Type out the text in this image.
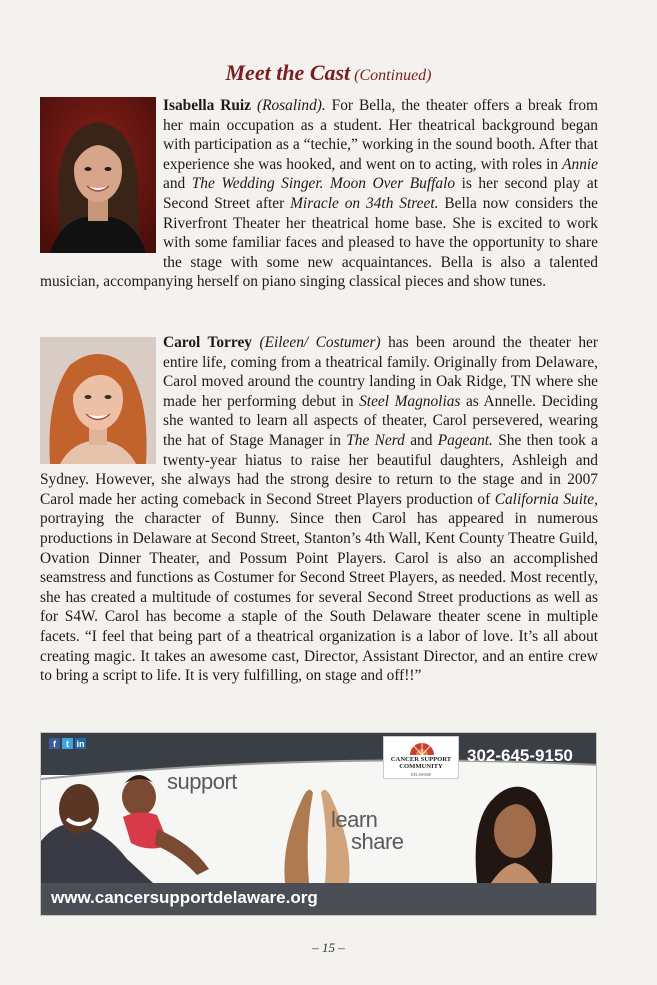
Meet the Cast (Continued)
Isabella Ruiz (Rosalind). For Bella, the theater offers a break from her main occupation as a student. Her theatrical background began with participation as a “techie,” working in the sound booth. After that experience she was hooked, and went on to acting, with roles in Annie and The Wedding Singer. Moon Over Buffalo is her second play at Second Street after Miracle on 34th Street. Bella now considers the Riverfront Theater her theatrical home base. She is excited to work with some familiar faces and pleased to have the opportunity to share the stage with some new acquaintances. Bella is also a talented musician, accompanying herself on piano singing classical pieces and show tunes.
Carol Torrey (Eileen/ Costumer) has been around the theater her entire life, coming from a theatrical family. Originally from Delaware, Carol moved around the country landing in Oak Ridge, TN where she made her performing debut in Steel Magnolias as Annelle. Deciding she wanted to learn all aspects of theater, Carol persevered, wearing the hat of Stage Manager in The Nerd and Pageant. She then took a twenty-year hiatus to raise her beautiful daughters, Ashleigh and Sydney. However, she always had the strong desire to return to the stage and in 2007 Carol made her acting comeback in Second Street Players production of California Suite, portraying the character of Bunny. Since then Carol has appeared in numerous productions in Delaware at Second Street, Stanton’s 4th Wall, Kent County Theatre Guild, Ovation Dinner Theater, and Possum Point Players. Carol is also an accomplished seamstress and functions as Costumer for Second Street Players, as needed. Most recently, she has created a multitude of costumes for several Second Street productions as well as for S4W. Carol has become a staple of the South Delaware theater scene in multiple facets. “I feel that being part of a theatrical organization is a labor of love. It’s all about creating magic. It takes an awesome cast, Director, Assistant Director, and an entire crew to bring a script to life. It is very fulfilling, on stage and off!!”
f	t in
CANCER SUPPORT COMMUNITY
DELAWARE
302-645-9150
support
learn
share
www.cancersupportdelaware.org
– 15 –
